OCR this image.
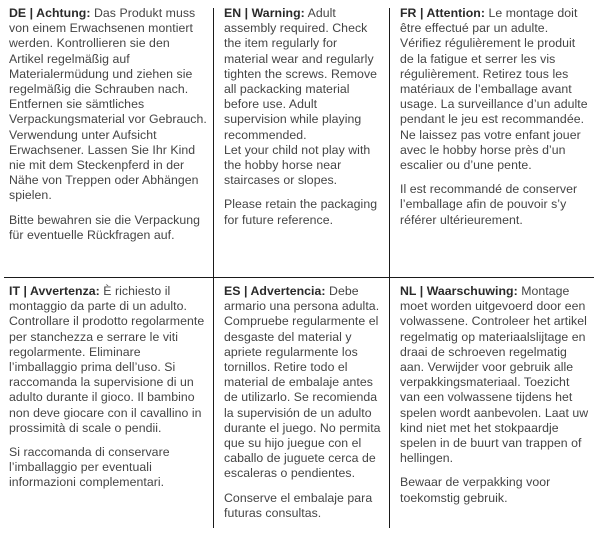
DE | Achtung: Das Produkt muss von einem Erwachsenen montiert werden. Kontrollieren sie den Artikel regelmäßig auf Materialermüdung und ziehen sie regelmäßig die Schrauben nach. Entfernen sie sämtliches Verpackungsmaterial vor Gebrauch. Verwendung unter Aufsicht Erwachsener. Lassen Sie Ihr Kind nie mit dem Steckenpferd in der Nähe von Treppen oder Abhängen spielen.

Bitte bewahren sie die Verpackung für eventuelle Rückfragen auf.

EN | Warning: Adult assembly required. Check the item regularly for material wear and regularly tighten the screws. Remove all packacking material before use. Adult supervision while playing recommended.
Let your child not play with the hobby horse near staircases or slopes.

Please retain the packaging for future reference.

FR | Attention: Le montage doit être effectué par un adulte. Vérifiez régulièrement le produit de la fatigue et serrer les vis régulièrement. Retirez tous les matériaux de l’emballage avant usage. La surveillance d’un adulte pendant le jeu est recommandée. Ne laissez pas votre enfant jouer avec le hobby horse près d’un escalier ou d’une pente.

Il est recommandé de conserver l’emballage afin de pouvoir s’y référer ultérieurement.

IT | Avvertenza: È richiesto il montaggio da parte di un adulto. Controllare il prodotto regolarmente per stanchezza e serrare le viti regolarmente. Eliminare l’imballaggio prima dell’uso. Si raccomanda la supervisione di un adulto durante il gioco. Il bambino non deve giocare con il cavallino in prossimità di scale o pendii.

Si raccomanda di conservare l’imballaggio per eventuali informazioni complementari.

ES | Advertencia: Debe armario una persona adulta. Compruebe regularmente el desgaste del material y apriete regularmente los tornillos. Retire todo el material de embalaje antes de utilizarlo. Se recomienda la supervisión de un adulto durante el juego. No permita que su hijo juegue con el caballo de juguete cerca de escaleras o pendientes.

Conserve el embalaje para futuras consultas.

NL | Waarschuwing: Montage moet worden uitgevoerd door een volwassene. Controleer het artikel regelmatig op materiaalslijtage en draai de schroeven regelmatig aan. Verwijder voor gebruik alle verpakkingsmateriaal. Toezicht van een volwassene tijdens het spelen wordt aanbevolen. Laat uw kind niet met het stokpaardje spelen in de buurt van trappen of hellingen.

Bewaar de verpakking voor toekomstig gebruik.
